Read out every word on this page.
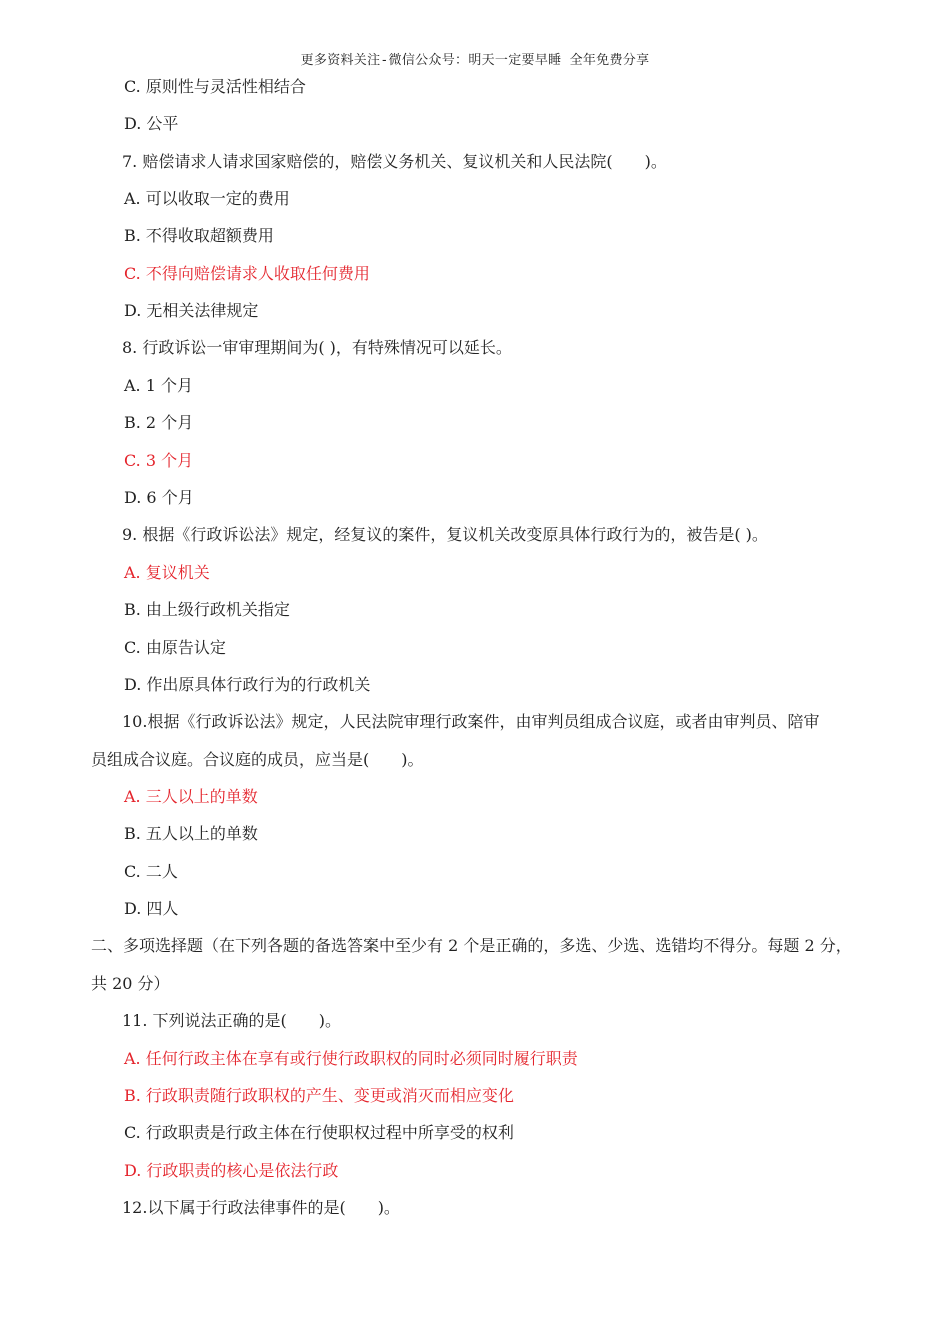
更多资料关注-微信公众号：明天一定要早睡 全年免费分享
C. 原则性与灵活性相结合
D. 公平
7. 赔偿请求人请求国家赔偿的，赔偿义务机关、复议机关和人民法院(　　)。
A. 可以收取一定的费用
B. 不得收取超额费用
C. 不得向赔偿请求人收取任何费用
D. 无相关法律规定
8. 行政诉讼一审审理期间为( )，有特殊情况可以延长。
A. 1 个月
B. 2 个月
C. 3 个月
D. 6 个月
9. 根据《行政诉讼法》规定，经复议的案件，复议机关改变原具体行政行为的，被告是( )。
A. 复议机关
B. 由上级行政机关指定
C. 由原告认定
D. 作出原具体行政行为的行政机关
10.根据《行政诉讼法》规定，人民法院审理行政案件，由审判员组成合议庭，或者由审判员、陪审
员组成合议庭。合议庭的成员，应当是(　　)。
A. 三人以上的单数
B. 五人以上的单数
C. 二人
D. 四人
二、多项选择题（在下列各题的备选答案中至少有 2 个是正确的，多选、少选、选错均不得分。每题 2 分，
共 20 分）
11. 下列说法正确的是(　　)。
A. 任何行政主体在享有或行使行政职权的同时必须同时履行职责
B. 行政职责随行政职权的产生、变更或消灭而相应变化
C. 行政职责是行政主体在行使职权过程中所享受的权利
D. 行政职责的核心是依法行政
12.以下属于行政法律事件的是(　　)。
